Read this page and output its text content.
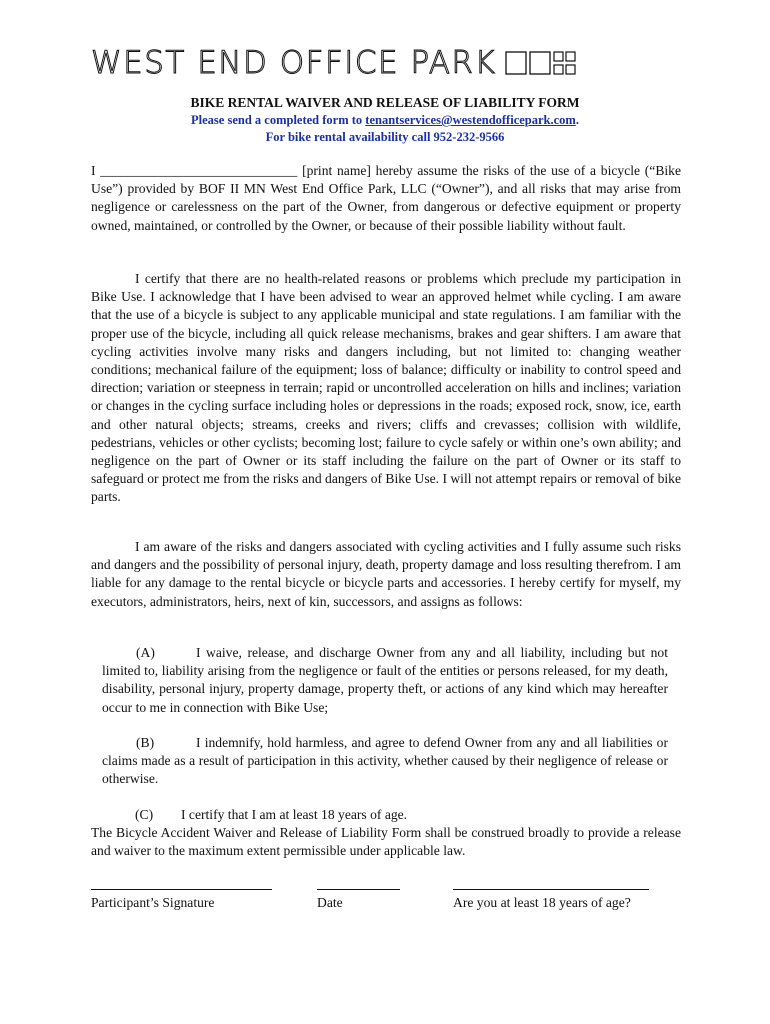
WEST END OFFICE PARK
BIKE RENTAL WAIVER AND RELEASE OF LIABILITY FORM
Please send a completed form to tenantservices@westendofficepark.com.
For bike rental availability call 952-232-9566

I _____________________________ [print name] hereby assume the risks of the use of a bicycle (“Bike Use”) provided by BOF II MN West End Office Park, LLC (“Owner”), and all risks that may arise from negligence or carelessness on the part of the Owner, from dangerous or defective equipment or property owned, maintained, or controlled by the Owner, or because of their possible liability without fault.

I certify that there are no health-related reasons or problems which preclude my participation in Bike Use. I acknowledge that I have been advised to wear an approved helmet while cycling. I am aware that the use of a bicycle is subject to any applicable municipal and state regulations. I am familiar with the proper use of the bicycle, including all quick release mechanisms, brakes and gear shifters. I am aware that cycling activities involve many risks and dangers including, but not limited to: changing weather conditions; mechanical failure of the equipment; loss of balance; difficulty or inability to control speed and direction; variation or steepness in terrain; rapid or uncontrolled acceleration on hills and inclines; variation or changes in the cycling surface including holes or depressions in the roads; exposed rock, snow, ice, earth and other natural objects; streams, creeks and rivers; cliffs and crevasses; collision with wildlife, pedestrians, vehicles or other cyclists; becoming lost; failure to cycle safely or within one’s own ability; and negligence on the part of Owner or its staff including the failure on the part of Owner or its staff to safeguard or protect me from the risks and dangers of Bike Use. I will not attempt repairs or removal of bike parts.

I am aware of the risks and dangers associated with cycling activities and I fully assume such risks and dangers and the possibility of personal injury, death, property damage and loss resulting therefrom. I am liable for any damage to the rental bicycle or bicycle parts and accessories. I hereby certify for myself, my executors, administrators, heirs, next of kin, successors, and assigns as follows:

(A)	I waive, release, and discharge Owner from any and all liability, including but not limited to, liability arising from the negligence or fault of the entities or persons released, for my death, disability, personal injury, property damage, property theft, or actions of any kind which may hereafter occur to me in connection with Bike Use;
(B)	I indemnify, hold harmless, and agree to defend Owner from any and all liabilities or claims made as a result of participation in this activity, whether caused by their negligence of release or otherwise.
(C) I certify that I am at least 18 years of age.

The Bicycle Accident Waiver and Release of Liability Form shall be construed broadly to provide a release and waiver to the maximum extent permissible under applicable law.

Participant’s Signature	Date	Are you at least 18 years of age?
